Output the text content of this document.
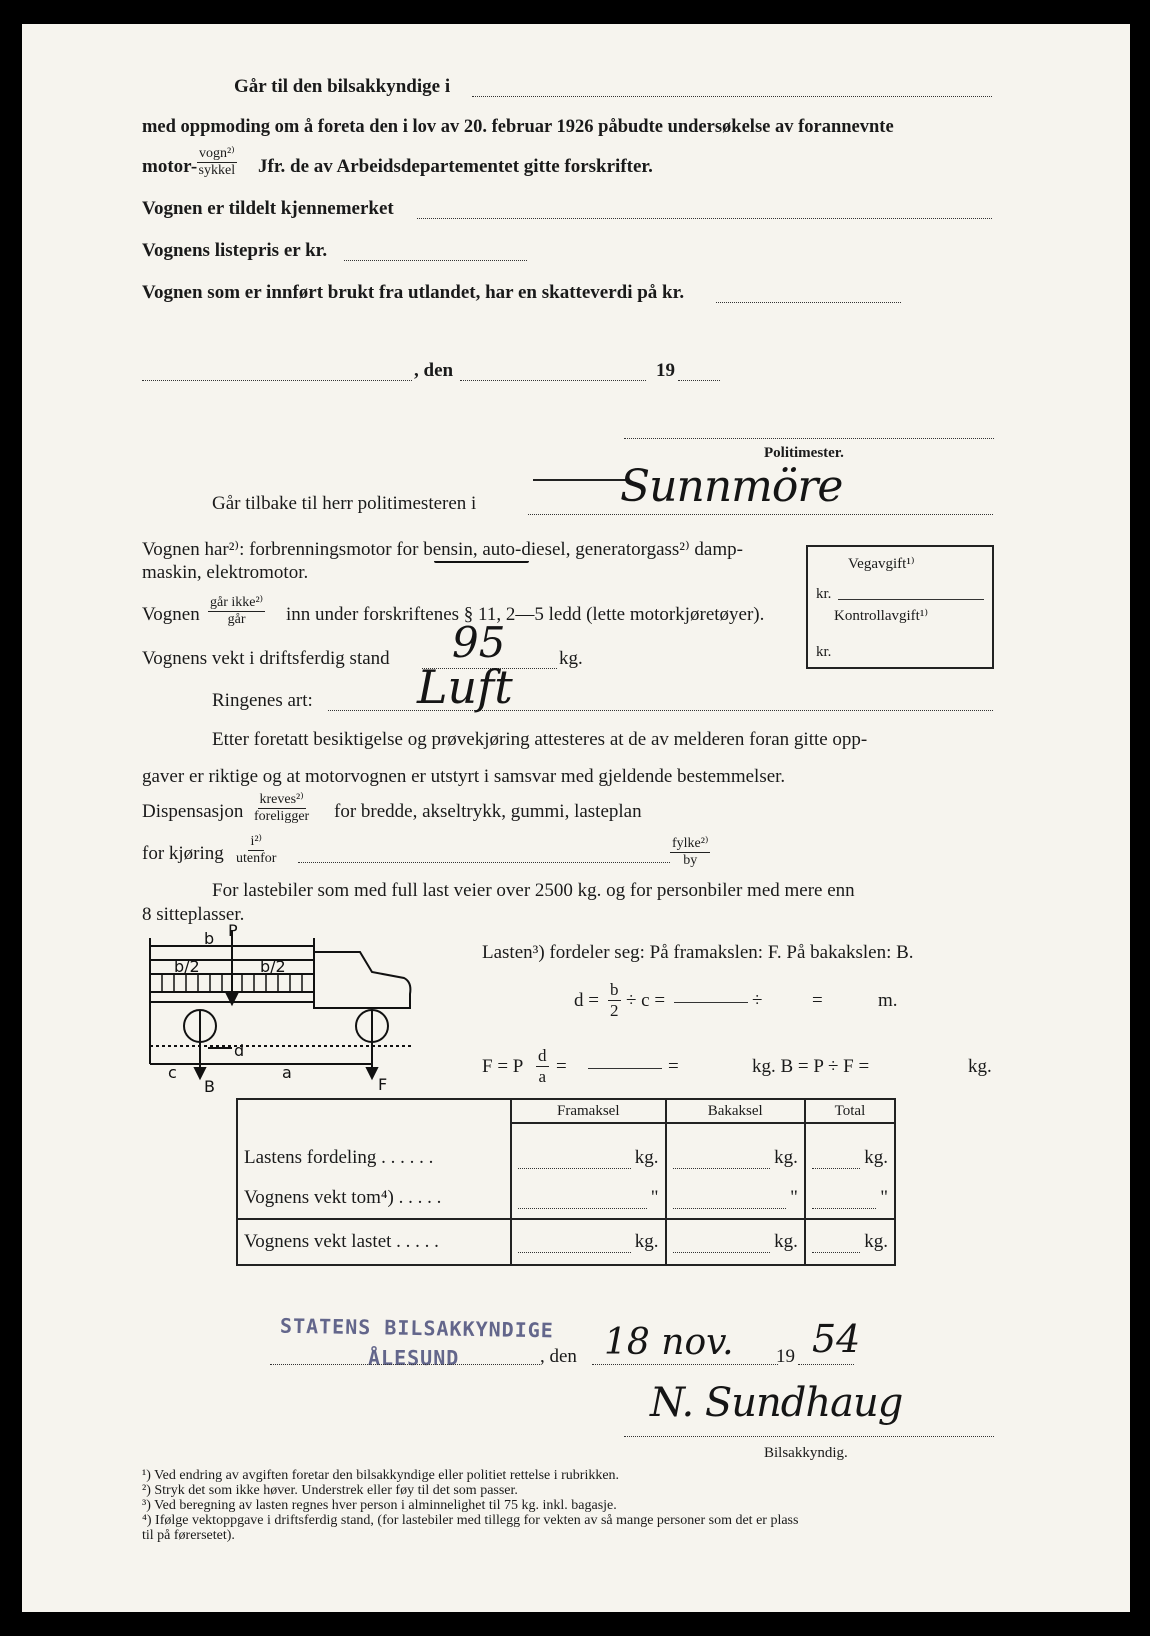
Går til den bilsakkyndige i
med oppmoding om å foreta den i lov av 20. februar 1926 påbudte undersøkelse av forannevnte
motor-
vogn²⁾
sykkel Jfr. de av Arbeidsdepartementet gitte forskrifter.
Vognen er tildelt kjennemerket
Vognens listepris er kr.
Vognen som er innført brukt fra utlandet, har en skatteverdi på kr.
, den	19
Politimester.
Går tilbake til herr politimesteren i	Sunnmöre
Vognen har²⁾: forbrenningsmotor for bensin, auto-diesel, generatorgass²⁾ damp-
maskin, elektromotor.	Vegavgift¹⁾
kr.
Kontrollavgift¹⁾
kr.
Vognen
går ikke²⁾
går inn under forskriftenes § 11, 2—5 ledd (lette motorkjøretøyer).
Vognens vekt i driftsferdig stand 95	kg.
Ringenes art: Luft
Etter foretatt besiktigelse og prøvekjøring attesteres at de av melderen foran gitte opp-
gaver er riktige og at motorvognen er utstyrt i samsvar med gjeldende bestemmelser.
Dispensasjon
kreves²⁾
foreligger for bredde, akseltrykk, gummi, lasteplan
for kjøring
i²⁾
utenfor
fylke²⁾
by
For lastebiler som med full last veier over 2500 kg. og for personbiler med mere enn
8 sitteplasser.
P
b
b/2	b/2
c
d
a
B	F
Lasten³) fordeler seg: På framakslen: F. På bakakslen: B.
$d = \frac{b}{2} \div c$ =	÷	=	m.
F = P $\frac{d}{a}$ =	=	kg. B = P ÷ F =	kg.
	Framaksel	Bakaksel	Total
Lastens fordeling . . . . . .	kg.	kg.	kg.

Vognens vekt tom⁴) . . . . .	"	"	"

Vognens vekt lastet . . . . .	kg.	kg.	kg.
STATENS BILSAKKYNDIGE
ÅLESUND	, den 18 nov. 19 54
N. Sundhaug
Bilsakkyndig.
¹) Ved endring av avgiften foretar den bilsakkyndige eller politiet rettelse i rubrikken.
²) Stryk det som ikke høver. Understrek eller føy til det som passer.
³) Ved beregning av lasten regnes hver person i alminnelighet til 75 kg. inkl. bagasje.
⁴) Ifølge vektoppgave i driftsferdig stand, (for lastebiler med tillegg for vekten av så mange personer som det er plass
til på førersetet).
